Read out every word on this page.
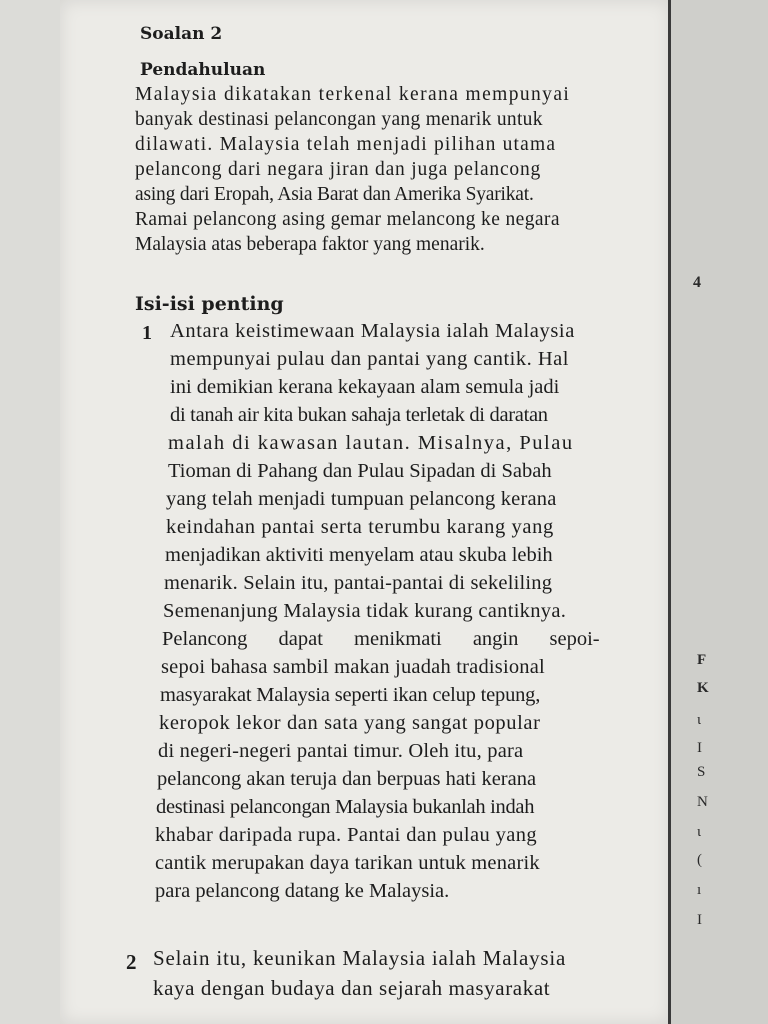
Soalan 2
Pendahuluan
Malaysia dikatakan terkenal kerana mempunyai
banyak destinasi pelancongan yang menarik untuk
dilawati. Malaysia telah menjadi pilihan utama
pelancong dari negara jiran dan juga pelancong
asing dari Eropah, Asia Barat dan Amerika Syarikat.
Ramai pelancong asing gemar melancong ke negara
Malaysia atas beberapa faktor yang menarik.
Isi-isi penting
1 Antara keistimewaan Malaysia ialah Malaysia
mempunyai pulau dan pantai yang cantik. Hal
ini demikian kerana kekayaan alam semula jadi
di tanah air kita bukan sahaja terletak di daratan
malah di kawasan lautan. Misalnya, Pulau
Tioman di Pahang dan Pulau Sipadan di Sabah
yang telah menjadi tumpuan pelancong kerana
keindahan pantai serta terumbu karang yang
menjadikan aktiviti menyelam atau skuba lebih
menarik. Selain itu, pantai-pantai di sekeliling
Semenanjung Malaysia tidak kurang cantiknya.
Pelancong dapat menikmati angin sepoi-
sepoi bahasa sambil makan juadah tradisional
masyarakat Malaysia seperti ikan celup tepung,
keropok lekor dan sata yang sangat popular
di negeri-negeri pantai timur. Oleh itu, para
pelancong akan teruja dan berpuas hati kerana
destinasi pelancongan Malaysia bukanlah indah
khabar daripada rupa. Pantai dan pulau yang
cantik merupakan daya tarikan untuk menarik
para pelancong datang ke Malaysia.
2 Selain itu, keunikan Malaysia ialah Malaysia
kaya dengan budaya dan sejarah masyarakat
4
F
K
ι
I
S
N
ι
(
ı
I
